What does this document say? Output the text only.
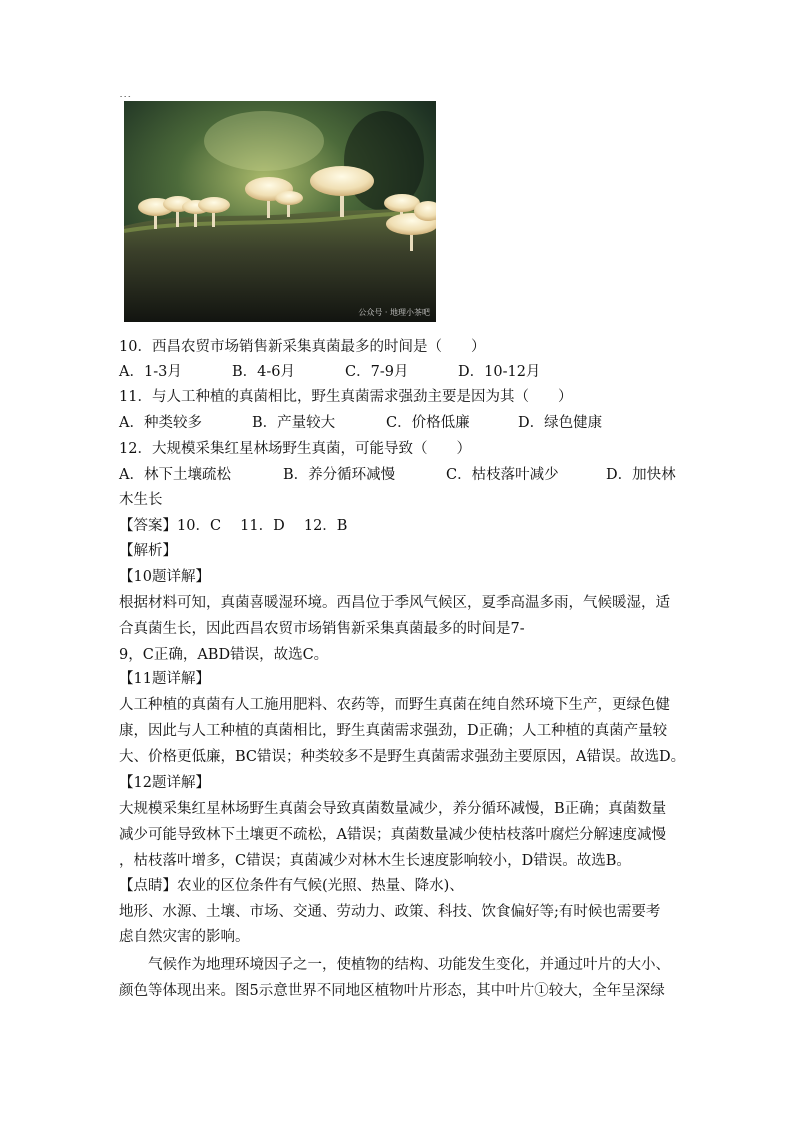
...
公众号 · 地理小茶吧
10．西昌农贸市场销售新采集真菌最多的时间是（　　）
A．1-3月	B．4-6月	C．7-9月	D．10-12月
11．与人工种植的真菌相比，野生真菌需求强劲主要是因为其（　　）
A．种类较多	B．产量较大	C．价格低廉	D．绿色健康
12．大规模采集红星林场野生真菌，可能导致（　　）
A．林下土壤疏松	B．养分循环减慢	C．枯枝落叶减少	D．加快林
木生长
【答案】10．C　 11．D　 12．B
【解析】
【10题详解】
根据材料可知，真菌喜暖湿环境。西昌位于季风气候区，夏季高温多雨，气候暖湿，适
合真菌生长，因此西昌农贸市场销售新采集真菌最多的时间是7-
9，C正确，ABD错误，故选C。
【11题详解】
人工种植的真菌有人工施用肥料、农药等，而野生真菌在纯自然环境下生产，更绿色健
康，因此与人工种植的真菌相比，野生真菌需求强劲，D正确；人工种植的真菌产量较
大、价格更低廉，BC错误；种类较多不是野生真菌需求强劲主要原因，A错误。故选D。
【12题详解】
大规模采集红星林场野生真菌会导致真菌数量减少，养分循环减慢，B正确；真菌数量
减少可能导致林下土壤更不疏松，A错误；真菌数量减少使枯枝落叶腐烂分解速度减慢
，枯枝落叶增多，C错误；真菌减少对林木生长速度影响较小，D错误。故选B。
【点睛】农业的区位条件有气候(光照、热量、降水)、
地形、水源、土壤、市场、交通、劳动力、政策、科技、饮食偏好等;有时候也需要考
虑自然灾害的影响。
　　气候作为地理环境因子之一，使植物的结构、功能发生变化，并通过叶片的大小、
颜色等体现出来。图5示意世界不同地区植物叶片形态，其中叶片①较大，全年呈深绿
